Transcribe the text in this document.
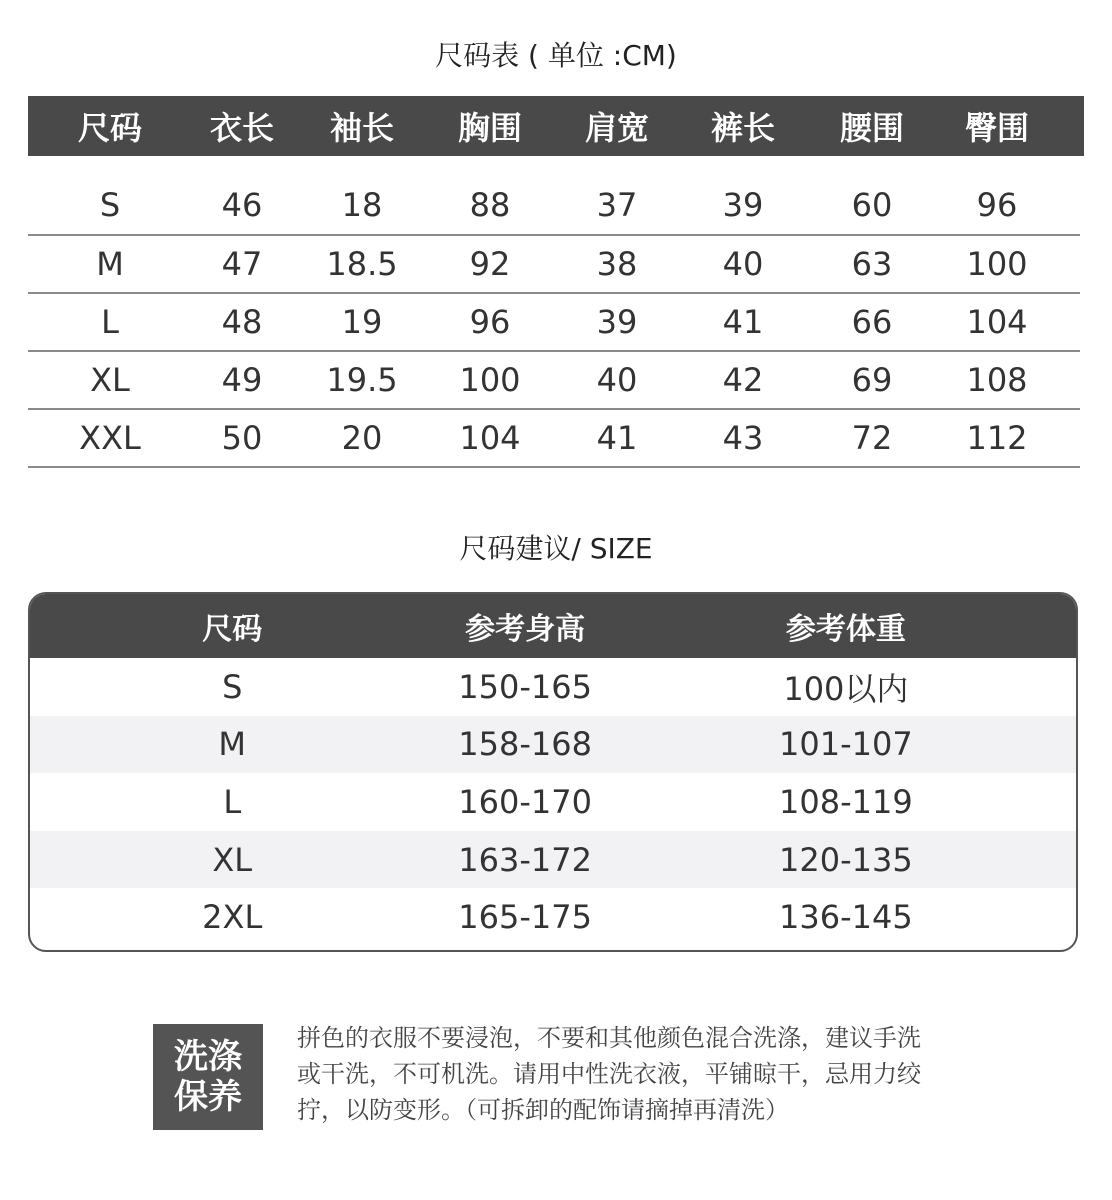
尺码表 ( 单位 :CM)
尺码	衣长	袖长	胸围	肩宽	裤长	腰围	臀围
S	46	18	88	37	39	60	96
M	47	18.5	92	38	40	63	100
L	48	19	96	39	41	66	104
XL	49	19.5	100	40	42	69	108
XXL	50	20	104	41	43	72	112
尺码建议/ SIZE
尺码	参考身高	参考体重
S	150-165	100以内
M	158-168	101-107
L	160-170	108-119
XL	163-172	120-135
2XL	165-175	136-145
洗涤
保养
拼色的衣服不要浸泡，不要和其他颜色混合洗涤，建议手洗
或干洗，不可机洗。请用中性洗衣液，平铺晾干，忌用力绞
拧，以防变形。（可拆卸的配饰请摘掉再清洗）
